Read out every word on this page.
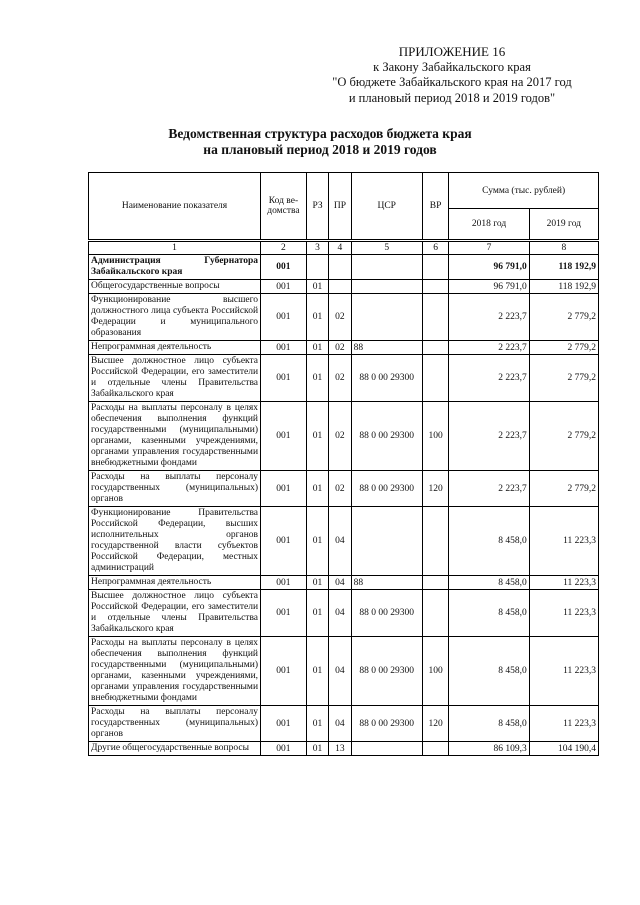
ПРИЛОЖЕНИЕ 16
к Закону Забайкальского края
"О бюджете Забайкальского края на 2017 год
и плановый период 2018 и 2019 годов"
Ведомственная структура расходов бюджета края
на плановый период 2018 и 2019 годов
Наименование показателя	Код ве-домства	РЗ	ПР	ЦСР	ВР	Сумма (тыс. рублей)	
						2018 год	2019 год
1	2	3	4	5	6	7	8
Администрация Губернатора Забайкальского края	001					96 791,0	118 192,9
Общегосударственные вопросы	001	01				96 791,0	118 192,9
Функционирование высшего должностного лица субъекта Российской Федерации и муниципального образования	001	01	02			2 223,7	2 779,2
Непрограммная деятельность	001	01	02	88		2 223,7	2 779,2
Высшее должностное лицо субъекта Российской Федерации, его заместители и отдельные члены Правительства Забайкальского края	001	01	02	88 0 00 29300		2 223,7	2 779,2
Расходы на выплаты персоналу в целях обеспечения выполнения функций государственными (муниципальными) органами, казенными учреждениями, органами управления государственными внебюджетными фондами	001	01	02	88 0 00 29300	100	2 223,7	2 779,2
Расходы на выплаты персоналу государственных (муниципальных) органов	001	01	02	88 0 00 29300	120	2 223,7	2 779,2
Функционирование Правительства Российской Федерации, высших исполнительных органов государственной власти субъектов Российской Федерации, местных администраций	001	01	04			8 458,0	11 223,3
Непрограммная деятельность	001	01	04	88		8 458,0	11 223,3
Высшее должностное лицо субъекта Российской Федерации, его заместители и отдельные члены Правительства Забайкальского края	001	01	04	88 0 00 29300		8 458,0	11 223,3
Расходы на выплаты персоналу в целях обеспечения выполнения функций государственными (муниципальными) органами, казенными учреждениями, органами управления государственными внебюджетными фондами	001	01	04	88 0 00 29300	100	8 458,0	11 223,3
Расходы на выплаты персоналу государственных (муниципальных) органов	001	01	04	88 0 00 29300	120	8 458,0	11 223,3
Другие общегосударственные вопросы	001	01	13			86 109,3	104 190,4
